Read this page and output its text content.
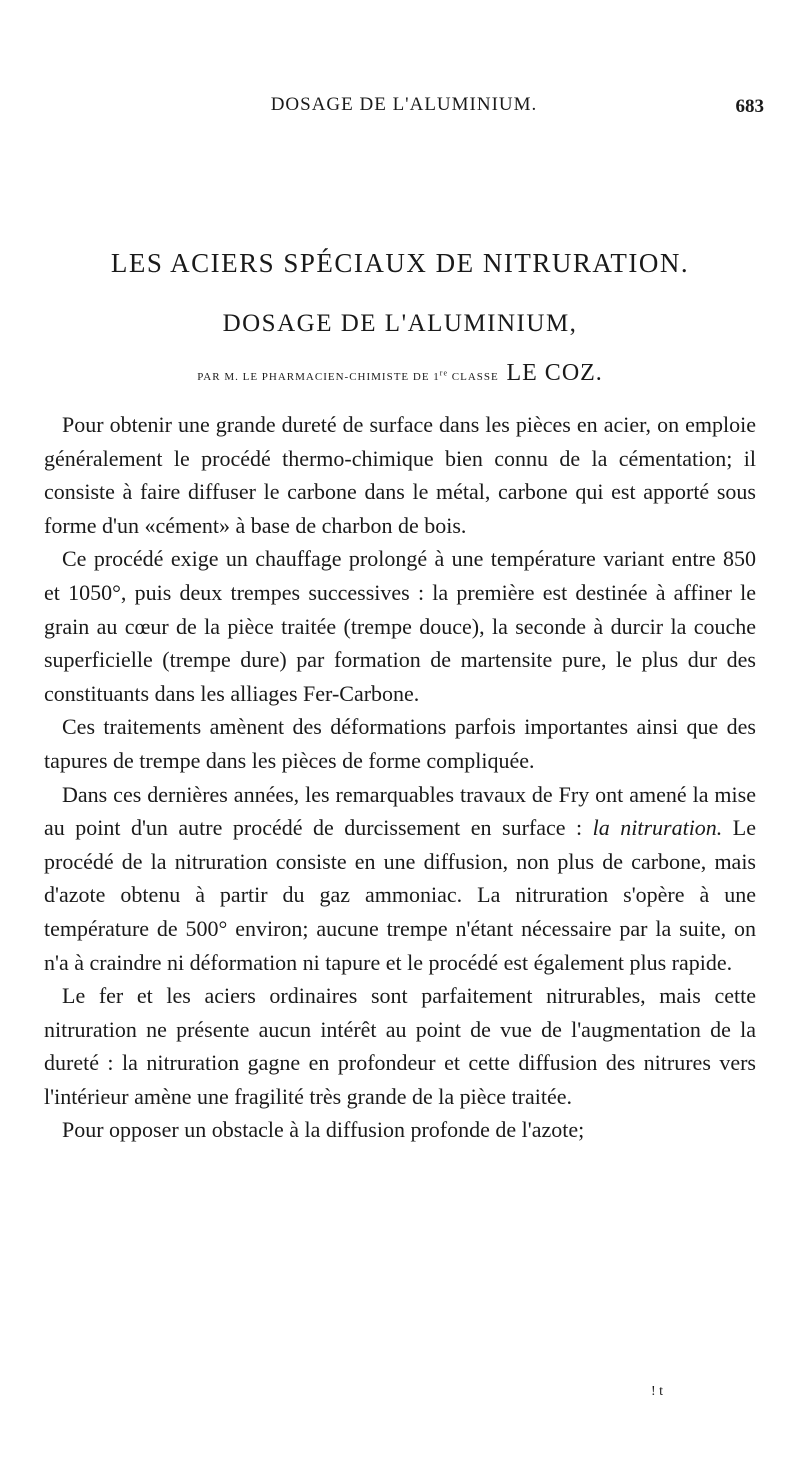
DOSAGE DE L'ALUMINIUM.	683
LES ACIERS SPÉCIAUX DE NITRURATION.
DOSAGE DE L'ALUMINIUM,
PAR M. LE PHARMACIEN-CHIMISTE DE 1re CLASSE LE COZ.

Pour obtenir une grande dureté de surface dans les pièces en acier, on emploie généralement le procédé thermo-chimique bien connu de la cémentation; il consiste à faire diffuser le carbone dans le métal, carbone qui est apporté sous forme d'un «cément» à base de charbon de bois.

Ce procédé exige un chauffage prolongé à une température variant entre 850 et 1050°, puis deux trempes successives : la première est destinée à affiner le grain au cœur de la pièce traitée (trempe douce), la seconde à durcir la couche superficielle (trempe dure) par formation de martensite pure, le plus dur des constituants dans les alliages Fer-Carbone.

Ces traitements amènent des déformations parfois importantes ainsi que des tapures de trempe dans les pièces de forme compliquée.

Dans ces dernières années, les remarquables travaux de Fry ont amené la mise au point d'un autre procédé de durcissement en surface : la nitruration. Le procédé de la nitruration consiste en une diffusion, non plus de carbone, mais d'azote obtenu à partir du gaz ammoniac. La nitruration s'opère à une température de 500° environ; aucune trempe n'étant nécessaire par la suite, on n'a à craindre ni déformation ni tapure et le procédé est également plus rapide.

Le fer et les aciers ordinaires sont parfaitement nitrurables, mais cette nitruration ne présente aucun intérêt au point de vue de l'augmentation de la dureté : la nitruration gagne en profondeur et cette diffusion des nitrures vers l'intérieur amène une fragilité très grande de la pièce traitée.

Pour opposer un obstacle à la diffusion profonde de l'azote;

! t
